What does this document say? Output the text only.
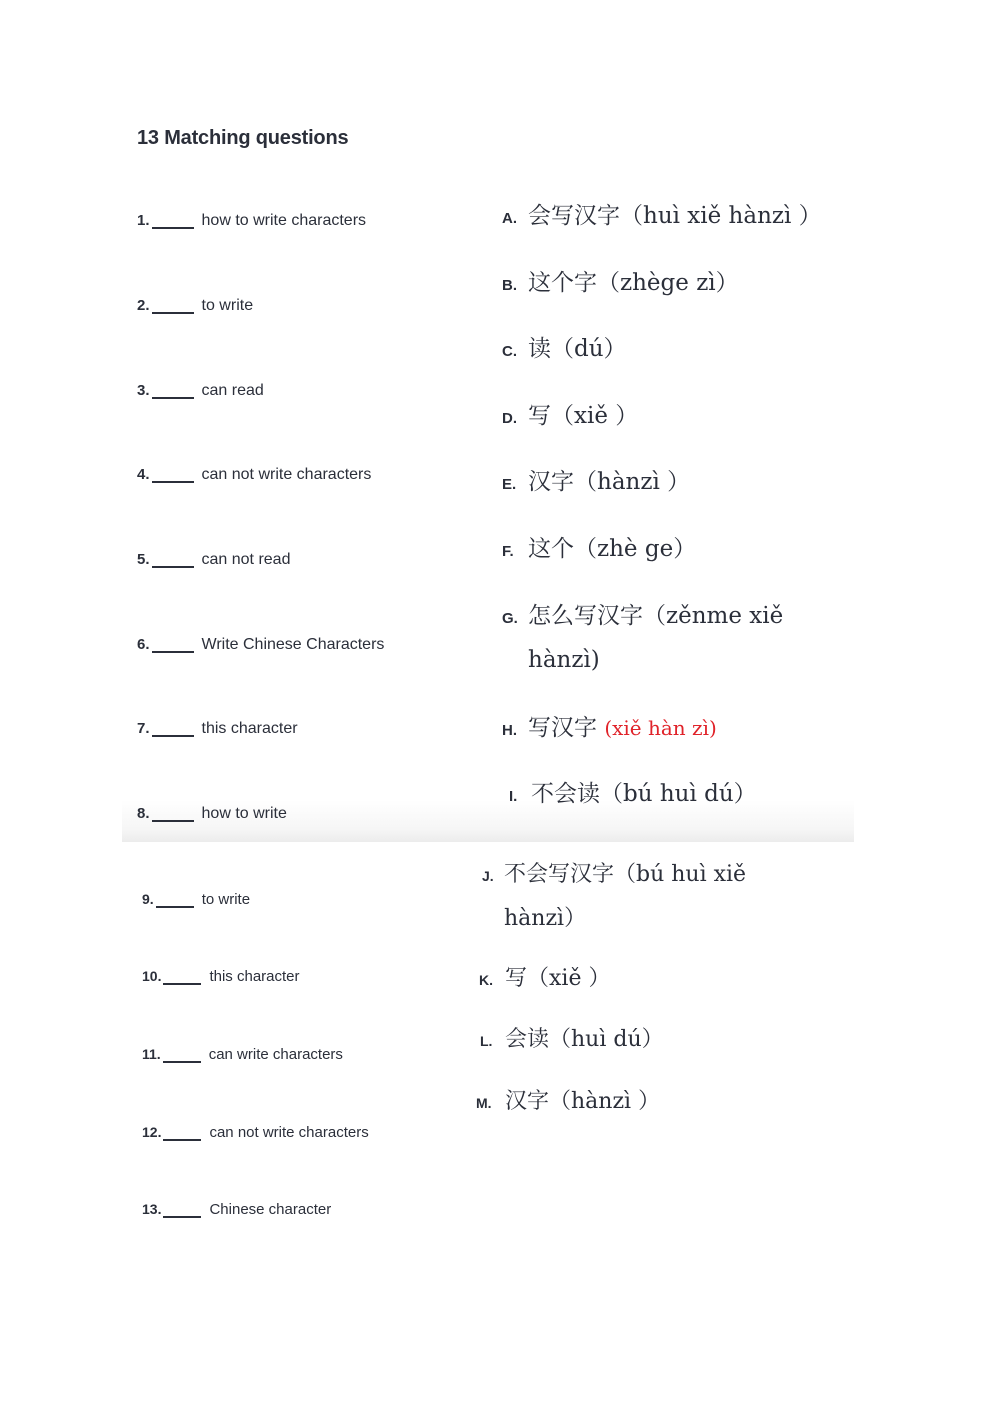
13 Matching questions
1.	how to write characters
2.	to write
3.	can read
4.	can not write characters
5.	can not read
6.	Write Chinese Characters
7.	this character
8.	how to write
9.	to write
10.	this character
11.	can write characters
12.	can not write characters
13.	Chinese character
A. 会写汉字（huì xiě hànzì ）
B. 这个字（zhège zì）
C. 读（dú）
D. 写（xiě ）
E. 汉字（hànzì ）
F. 这个（zhè ge）
G. 怎么写汉字（zěnme xiě
hànzì)
H. 写汉字 (xiě hàn zì)
I. 不会读（bú huì dú）
J. 不会写汉字（bú huì xiě
hànzì）
K. 写（xiě ）
L. 会读（huì dú）
M. 汉字（hànzì ）
